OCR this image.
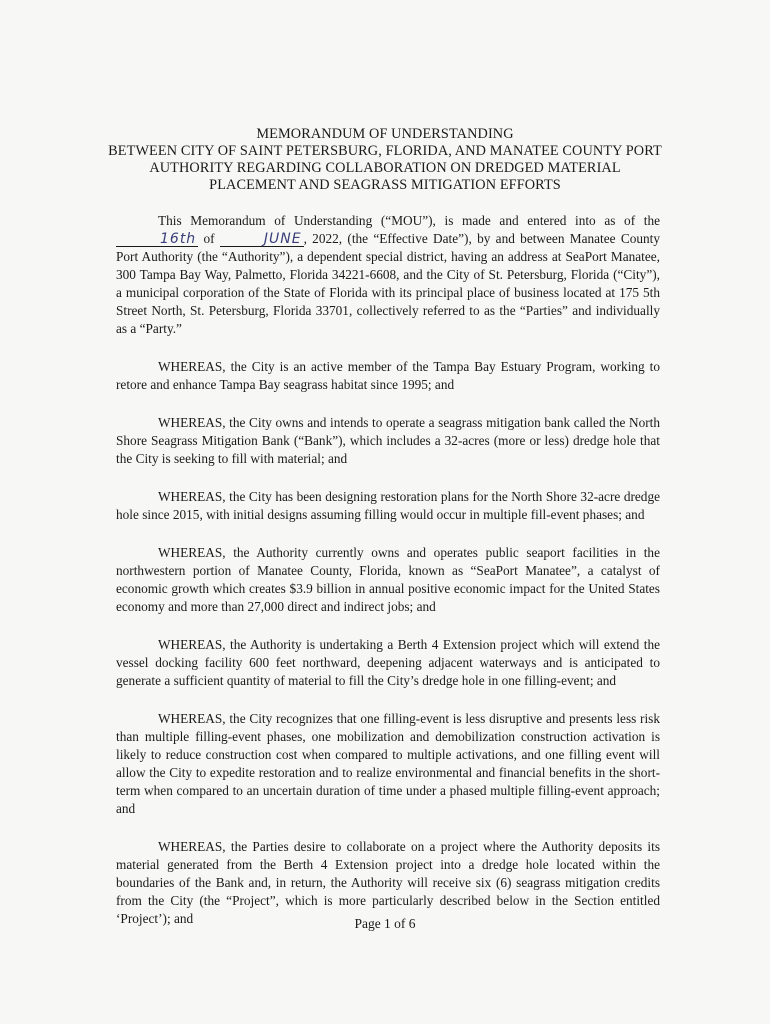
MEMORANDUM OF UNDERSTANDING
BETWEEN CITY OF SAINT PETERSBURG, FLORIDA, AND MANATEE COUNTY PORT
AUTHORITY REGARDING COLLABORATION ON DREDGED MATERIAL
PLACEMENT AND SEAGRASS MITIGATION EFFORTS

This Memorandum of Understanding (“MOU”), is made and entered into as of the 16th of	JUNE , 2022, (the “Effective Date”), by and between Manatee County Port Authority (the “Authority”), a dependent special district, having an address at SeaPort Manatee, 300 Tampa Bay Way, Palmetto, Florida 34221-6608, and the City of St. Petersburg, Florida (“City”), a municipal corporation of the State of Florida with its principal place of business located at 175 5th Street North, St. Petersburg, Florida 33701, collectively referred to as the “Parties” and individually as a “Party.”

WHEREAS, the City is an active member of the Tampa Bay Estuary Program, working to retore and enhance Tampa Bay seagrass habitat since 1995; and

WHEREAS, the City owns and intends to operate a seagrass mitigation bank called the North Shore Seagrass Mitigation Bank (“Bank”), which includes a 32-acres (more or less) dredge hole that the City is seeking to fill with material; and

WHEREAS, the City has been designing restoration plans for the North Shore 32-acre dredge hole since 2015, with initial designs assuming filling would occur in multiple fill-event phases; and

WHEREAS, the Authority currently owns and operates public seaport facilities in the northwestern portion of Manatee County, Florida, known as “SeaPort Manatee”, a catalyst of economic growth which creates $3.9 billion in annual positive economic impact for the United States economy and more than 27,000 direct and indirect jobs; and

WHEREAS, the Authority is undertaking a Berth 4 Extension project which will extend the vessel docking facility 600 feet northward, deepening adjacent waterways and is anticipated to generate a sufficient quantity of material to fill the City’s dredge hole in one filling-event; and

WHEREAS, the City recognizes that one filling-event is less disruptive and presents less risk than multiple filling-event phases, one mobilization and demobilization construction activation is likely to reduce construction cost when compared to multiple activations, and one filling event will allow the City to expedite restoration and to realize environmental and financial benefits in the short-term when compared to an uncertain duration of time under a phased multiple filling-event approach; and

WHEREAS, the Parties desire to collaborate on a project where the Authority deposits its material generated from the Berth 4 Extension project into a dredge hole located within the boundaries of the Bank and, in return, the Authority will receive six (6) seagrass mitigation credits from the City (the “Project”, which is more particularly described below in the Section entitled ‘Project’); and	Page 1 of 6
